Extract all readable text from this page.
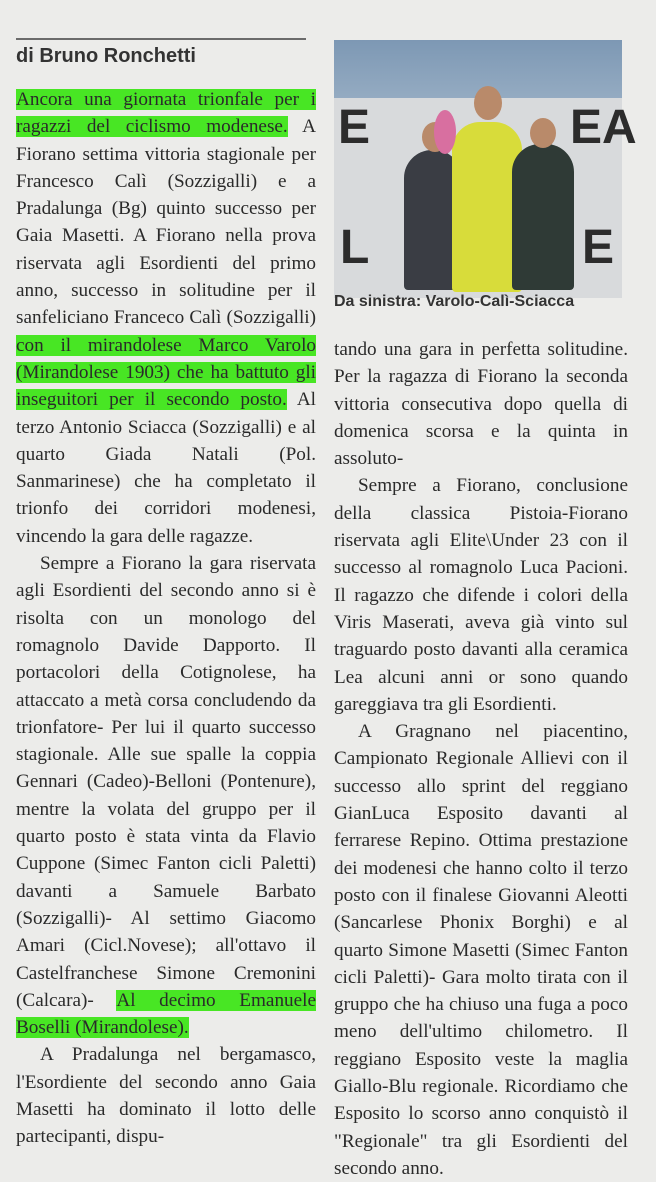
di Bruno Ronchetti

Ancora una giornata trionfale per i ragazzi del ciclismo modenese. A Fiorano settima vittoria stagionale per Francesco Calì (Sozzigalli) e a Pradalunga (Bg) quinto successo per Gaia Masetti. A Fiorano nella prova riservata agli Esordienti del primo anno, successo in solitudine per il sanfeliciano Franceco Calì (Sozzigalli) con il mirandolese Marco Varolo (Mirandolese 1903) che ha battuto gli inseguitori per il secondo posto. Al terzo Antonio Sciacca (Sozzigalli) e al quarto Giada Natali (Pol. Sanmarinese) che ha completato il trionfo dei corridori modenesi, vincendo la gara delle ragazze.

Sempre a Fiorano la gara riservata agli Esordienti del secondo anno si è risolta con un monologo del romagnolo Davide Dapporto. Il portacolori della Cotignolese, ha attaccato a metà corsa concludendo da trionfatore- Per lui il quarto successo stagionale. Alle sue spalle la coppia Gennari (Cadeo)-Belloni (Pontenure), mentre la volata del gruppo per il quarto posto è stata vinta da Flavio Cuppone (Simec Fanton cicli Paletti) davanti a Samuele Barbato (Sozzigalli)- Al settimo Giacomo Amari (Cicl.Novese); all'ottavo il Castelfranchese Simone Cremonini (Calcara)- Al decimo Emanuele Boselli (Mirandolese).

A Pradalunga nel bergamasco, l'Esordiente del secondo anno Gaia Masetti ha dominato il lotto delle partecipanti, dispu-

E	EA
L	E
Da sinistra: Varolo-Calì-Sciacca

tando una gara in perfetta solitudine. Per la ragazza di Fiorano la seconda vittoria consecutiva dopo quella di domenica scorsa e la quinta in assoluto-

Sempre a Fiorano, conclusione della classica Pistoia-Fiorano riservata agli Elite\Under 23 con il successo al romagnolo Luca Pacioni. Il ragazzo che difende i colori della Viris Maserati, aveva già vinto sul traguardo posto davanti alla ceramica Lea alcuni anni or sono quando gareggiava tra gli Esordienti.

A Gragnano nel piacentino, Campionato Regionale Allievi con il successo allo sprint del reggiano GianLuca Esposito davanti al ferrarese Repino. Ottima prestazione dei modenesi che hanno colto il terzo posto con il finalese Giovanni Aleotti (Sancarlese Phonix Borghi) e al quarto Simone Masetti (Simec Fanton cicli Paletti)- Gara molto tirata con il gruppo che ha chiuso una fuga a poco meno dell'ultimo chilometro. Il reggiano Esposito veste la maglia Giallo-Blu regionale. Ricordiamo che Esposito lo scorso anno conquistò il "Regionale" tra gli Esordienti del secondo anno.
